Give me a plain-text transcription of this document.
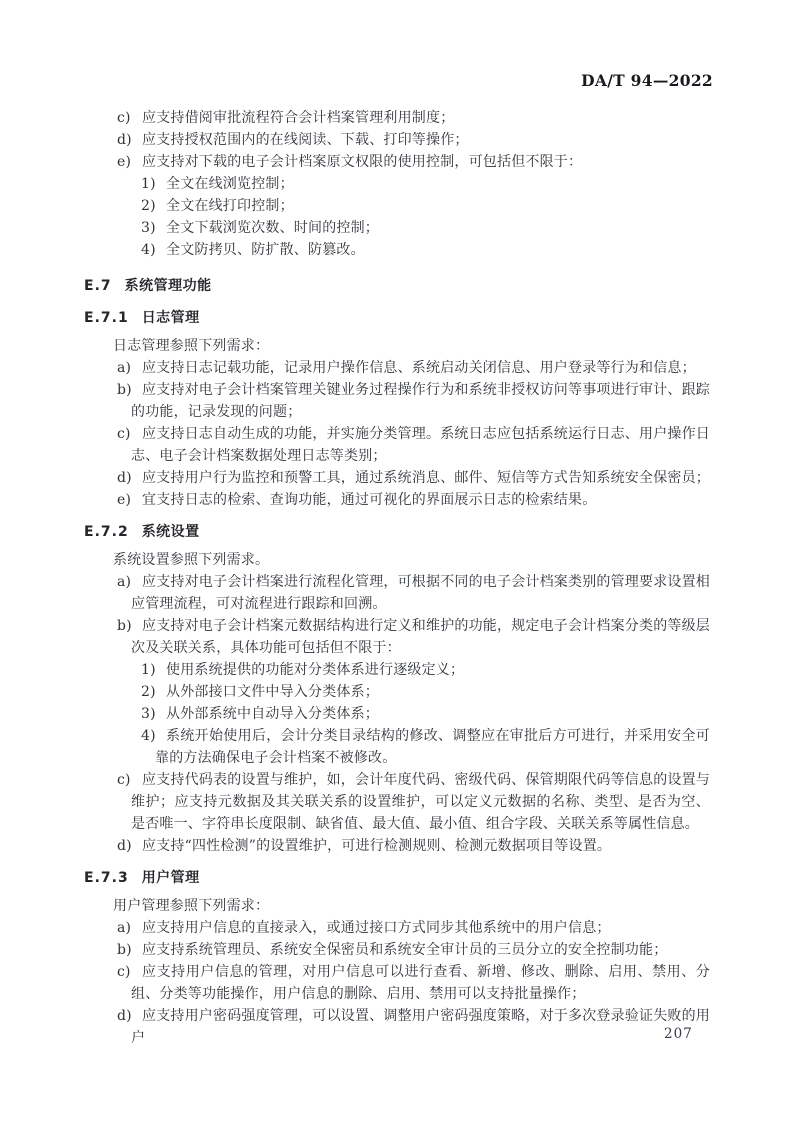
DA/T 94—2022
c) 应支持借阅审批流程符合会计档案管理利用制度；
d) 应支持授权范围内的在线阅读、下载、打印等操作；
e) 应支持对下载的电子会计档案原文权限的使用控制，可包括但不限于：
1) 全文在线浏览控制；
2) 全文在线打印控制；
3) 全文下载浏览次数、时间的控制；
4) 全文防拷贝、防扩散、防篡改。
E.7 系统管理功能
E.7.1 日志管理

日志管理参照下列需求：

a) 应支持日志记载功能，记录用户操作信息、系统启动关闭信息、用户登录等行为和信息；
b) 应支持对电子会计档案管理关键业务过程操作行为和系统非授权访问等事项进行审计、跟踪的功能，记录发现的问题；
c) 应支持日志自动生成的功能，并实施分类管理。系统日志应包括系统运行日志、用户操作日志、电子会计档案数据处理日志等类别；
d) 应支持用户行为监控和预警工具，通过系统消息、邮件、短信等方式告知系统安全保密员；
e) 宜支持日志的检索、查询功能，通过可视化的界面展示日志的检索结果。
E.7.2 系统设置

系统设置参照下列需求。

a) 应支持对电子会计档案进行流程化管理，可根据不同的电子会计档案类别的管理要求设置相应管理流程，可对流程进行跟踪和回溯。
b) 应支持对电子会计档案元数据结构进行定义和维护的功能，规定电子会计档案分类的等级层次及关联关系，具体功能可包括但不限于：
1) 使用系统提供的功能对分类体系进行逐级定义；
2) 从外部接口文件中导入分类体系；
3) 从外部系统中自动导入分类体系；
4) 系统开始使用后，会计分类目录结构的修改、调整应在审批后方可进行，并采用安全可靠的方法确保电子会计档案不被修改。
c) 应支持代码表的设置与维护，如，会计年度代码、密级代码、保管期限代码等信息的设置与维护；应支持元数据及其关联关系的设置维护，可以定义元数据的名称、类型、是否为空、是否唯一、字符串长度限制、缺省值、最大值、最小值、组合字段、关联关系等属性信息。
d) 应支持“四性检测”的设置维护，可进行检测规则、检测元数据项目等设置。
E.7.3 用户管理

用户管理参照下列需求：

a) 应支持用户信息的直接录入，或通过接口方式同步其他系统中的用户信息；
b) 应支持系统管理员、系统安全保密员和系统安全审计员的三员分立的安全控制功能；
c) 应支持用户信息的管理，对用户信息可以进行查看、新增、修改、删除、启用、禁用、分组、分类等功能操作，用户信息的删除、启用、禁用可以支持批量操作；
d) 应支持用户密码强度管理，可以设置、调整用户密码强度策略，对于多次登录验证失败的用户	207
